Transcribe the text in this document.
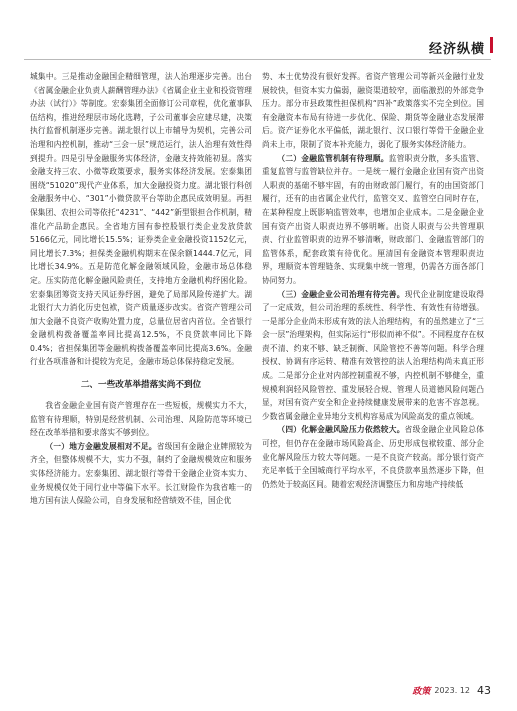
经济纵横

城集中。三是推动金融国企精细管理，法人治理逐步完善。出台《省属金融企业负责人薪酬管理办法》《省属企业主业和投资管理办法（试行）》等制度。宏泰集团全面修订公司章程，优化董事队伍结构，推进经理层市场化选聘，子公司董事会应建尽建，决策执行监督机制逐步完善。湖北银行以上市辅导为契机，完善公司治理和内控机制，推动“三会一层”规范运行，法人治理有效性得到提升。四是引导金融服务实体经济，金融支持效能初显。落实金融支持三农、小微等政策要求，服务实体经济发展。宏泰集团围绕“51020”现代产业体系，加大金融投资力度。湖北银行科创金融服务中心、“301”小微贷款平台等助企惠民成效明显。再担保集团、农担公司等依托“4231”、“442”新型银担合作机制，精准化产品助企惠民。全省地方国有参控股银行类企业发放贷款5166亿元，同比增长15.5%；证券类企业金融投资1152亿元，同比增长7.3%；担保类金融机构期末在保余额1444.7亿元，同比增长34.9%。五是防范化解金融领域风险，金融市场总体稳定。压实防范化解金融风险责任，支持地方金融机构纾困化险。宏泰集团筹资支持天风证券纾困，避免了局部风险传递扩大。湖北银行大力消化历史包袱，资产质量逐步改实。省资产管理公司加大金融不良资产收购处置力度，总量位居省内首位。全省银行金融机构拨备覆盖率同比提高12.5%，不良贷款率同比下降0.4%；省担保集团等金融机构拨备覆盖率同比提高3.6%。金融行业各项准备和计提较为充足，金融市场总体保持稳定发展。

二、一些改革举措落实尚不到位

我省金融企业国有资产管理存在一些短板，规模实力不大，监管有待理顺，特别是经营机制、公司治理、风险防范等环境已经在改革举措和要求落实不够到位。

（一）地方金融发展相对不足。省级国有金融企业牌照较为齐全，但整体规模不大，实力不强，制约了金融规模效应和服务实体经济能力。宏泰集团、湖北银行等骨干金融企业资本实力、业务规模仅处于同行业中等偏下水平。长江财险作为我省唯一的地方国有法人保险公司，自身发展和经营绩效不佳，国企优

势、本土优势没有很好发挥。省资产管理公司等新兴金融行业发展较快，但资本实力偏弱，融资渠道较窄，面临激烈的外部竞争压力。部分市县政策性担保机构“四补”政策落实不完全到位。国有金融资本布局有待进一步优化、保险、期货等金融业态发展滞后。资产证券化水平偏低，湖北银行、汉口银行等骨干金融企业尚未上市，限制了资本补充能力，弱化了服务实体经济能力。

（二）金融监管机制有待理顺。监管职责分散，多头监管、重复监管与监管缺位并存。一是统一履行金融企业国有资产出资人职责的基础不够牢固，有的由财政部门履行，有的由国资部门履行，还有的由省属企业代行，监管交叉、监管空白同时存在，在某种程度上既影响监管效率，也增加企业成本。二是金融企业国有资产出资人职责边界不够明晰。出资人职责与公共管理职责、行业监管职责的边界不够清晰，财政部门、金融监管部门的监管体系，配套政策有待优化。厘清国有金融资本管理职责边界，理顺资本管理链条、实现集中统一管理，仍需各方面各部门协同努力。

（三）金融企业公司治理有待完善。现代企业制度建设取得了一定成效，但公司治理的系统性、科学性、有效性有待增强。一是部分企业尚未形成有效的法人治理结构，有的虽然建立了“三会一层”治理架构，但实际运行“形似而神不似”。不同程度存在权责不清、约束不够、缺乏制衡、风险管控不善等问题。科学合理授权、协调有序运转、精准有效管控的法人治理结构尚未真正形成。二是部分企业对内部控制重视不够，内控机制不够健全，重规模利润轻风险管控、重发展轻合规、管理人员道德风险问题凸显，对国有资产安全和企业持续健康发展带来的危害不容忽视。少数省属金融企业异地分支机构容易成为风险高发的重点领域。

（四）化解金融风险压力依然较大。省级金融企业风险总体可控，但仍存在金融市场风险高企、历史形成包袱较重、部分企业化解风险压力较大等问题。一是不良资产较高。部分银行资产充足率低于全国城商行平均水平，不良贷款率虽然逐步下降，但仍然处于较高区间。随着宏观经济调整压力和房地产持续低

政策 2023. 12 43
